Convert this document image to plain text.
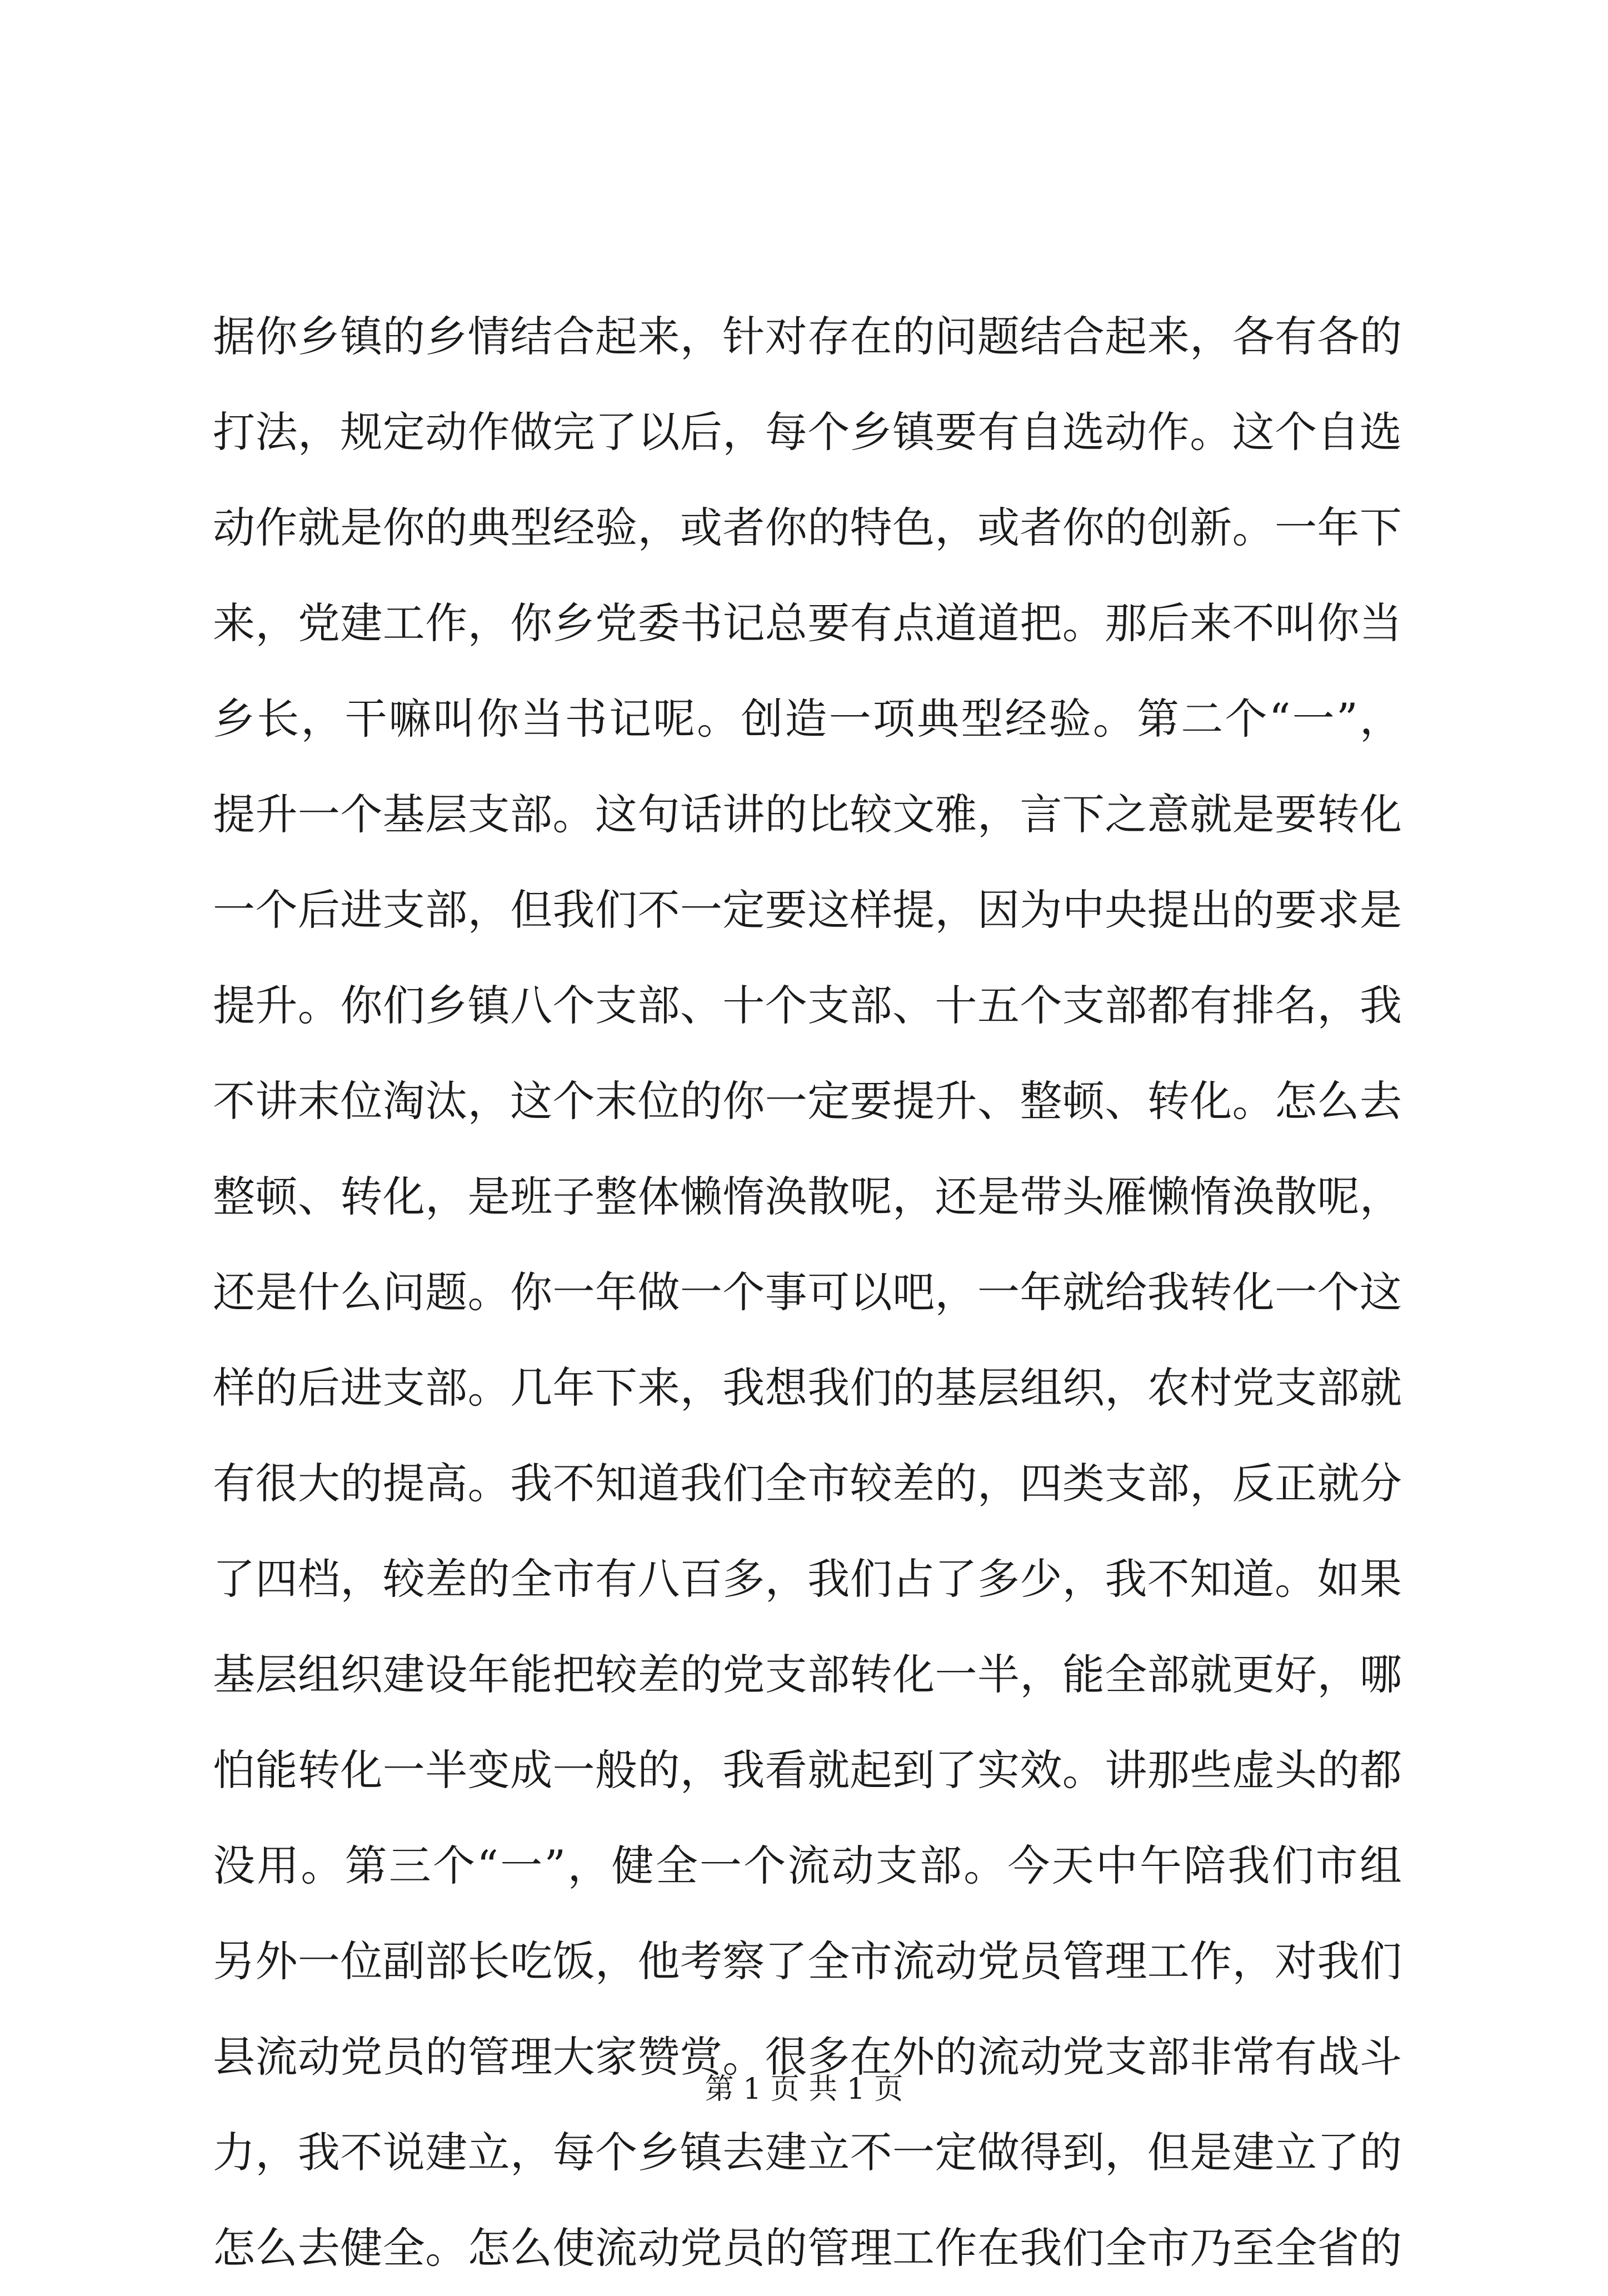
据你乡镇的乡情结合起来，针对存在的问题结合起来，各有各的
打法，规定动作做完了以后，每个乡镇要有自选动作。这个自选
动作就是你的典型经验，或者你的特色，或者你的创新。一年下
来，党建工作，你乡党委书记总要有点道道把。那后来不叫你当
乡长，干嘛叫你当书记呢。创造一项典型经验。第二个“一”，
提升一个基层支部。这句话讲的比较文雅，言下之意就是要转化
一个后进支部，但我们不一定要这样提，因为中央提出的要求是
提升。你们乡镇八个支部、十个支部、十五个支部都有排名，我
不讲末位淘汰，这个末位的你一定要提升、整顿、转化。怎么去
整顿、转化，是班子整体懒惰涣散呢，还是带头雁懒惰涣散呢，
还是什么问题。你一年做一个事可以吧，一年就给我转化一个这
样的后进支部。几年下来，我想我们的基层组织，农村党支部就
有很大的提高。我不知道我们全市较差的，四类支部，反正就分
了四档，较差的全市有八百多，我们占了多少，我不知道。如果
基层组织建设年能把较差的党支部转化一半，能全部就更好，哪
怕能转化一半变成一般的，我看就起到了实效。讲那些虚头的都
没用。第三个“一”，健全一个流动支部。今天中午陪我们市组
另外一位副部长吃饭，他考察了全市流动党员管理工作，对我们
县流动党员的管理大家赞赏。很多在外的流动党支部非常有战斗
力，我不说建立，每个乡镇去建立不一定做得到，但是建立了的
怎么去健全。怎么使流动党员的管理工作在我们全市乃至全省的
第 1 页 共 1 页
